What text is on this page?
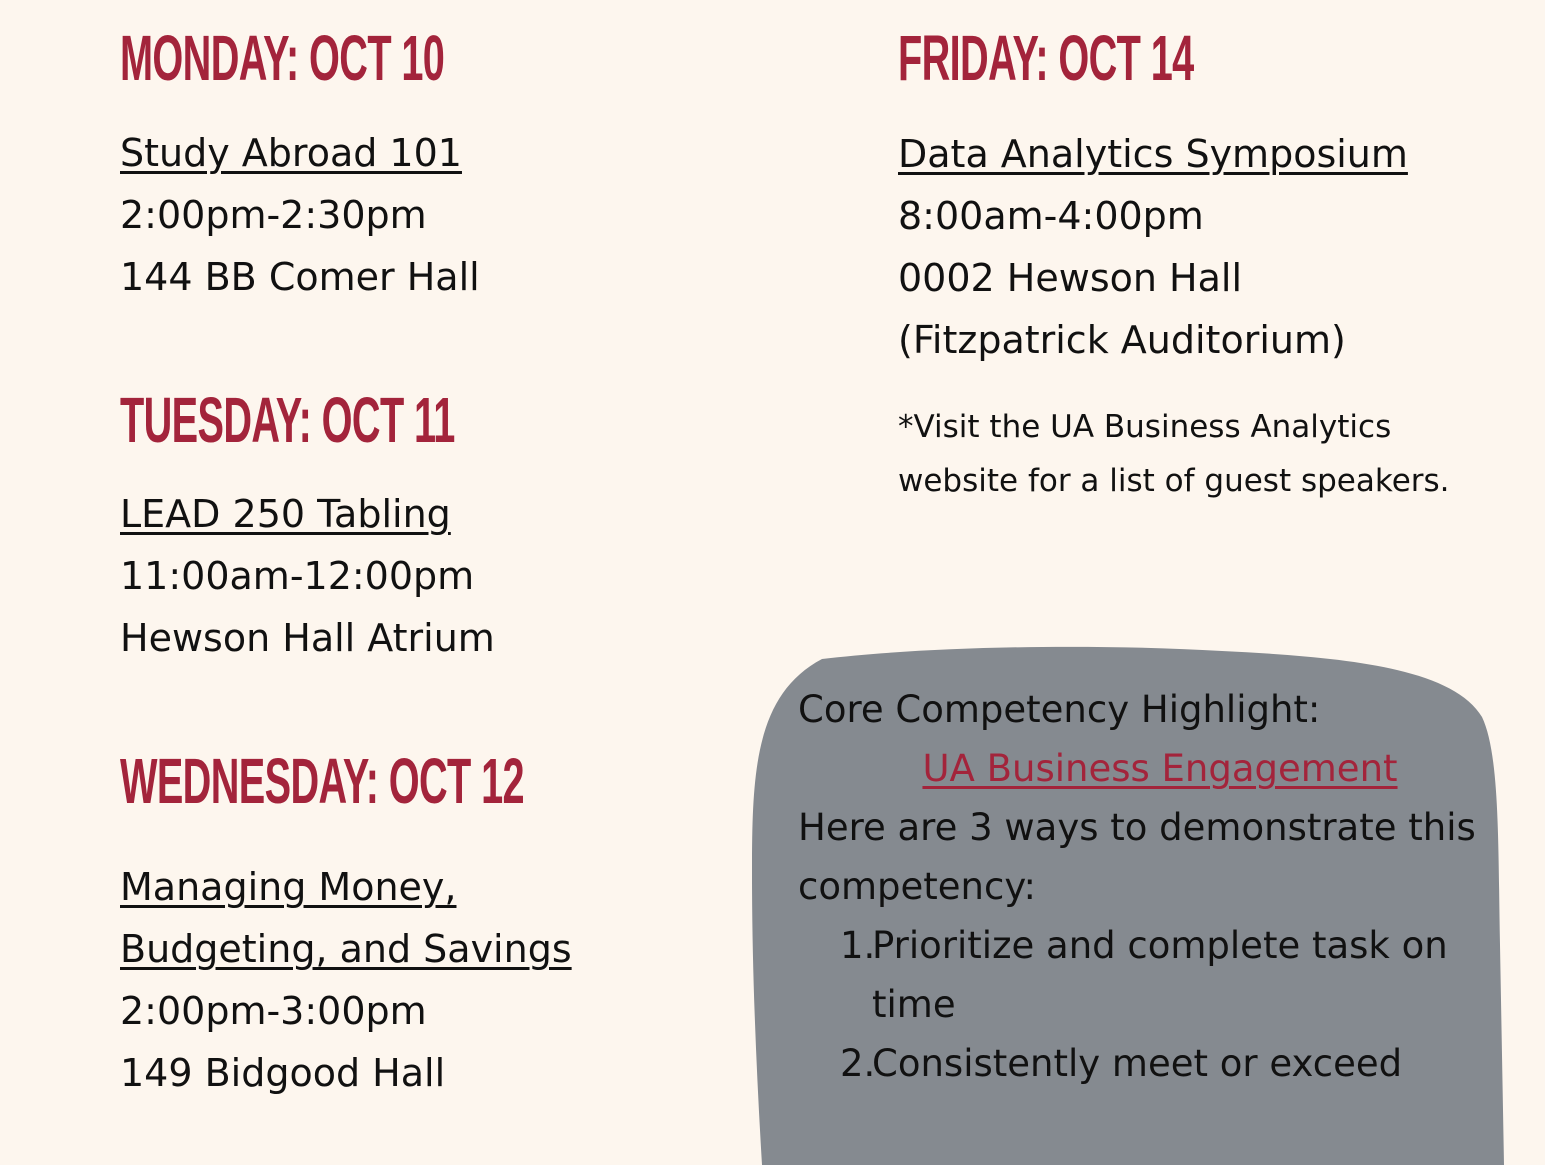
MONDAY: OCT 10
Study Abroad 101
2:00pm-2:30pm
144 BB Comer Hall
TUESDAY: OCT 11
LEAD 250 Tabling
11:00am-12:00pm
Hewson Hall Atrium
WEDNESDAY: OCT 12
Managing Money,
Budgeting, and Savings
2:00pm-3:00pm
149 Bidgood Hall
FRIDAY: OCT 14
Data Analytics Symposium
8:00am-4:00pm
0002 Hewson Hall
(Fitzpatrick Auditorium)
*Visit the UA Business Analytics website for a list of guest speakers.
Core Competency Highlight:
UA Business Engagement
Here are 3 ways to demonstrate this competency:
1.
Prioritize and complete task on time
2.
Consistently meet or exceed
